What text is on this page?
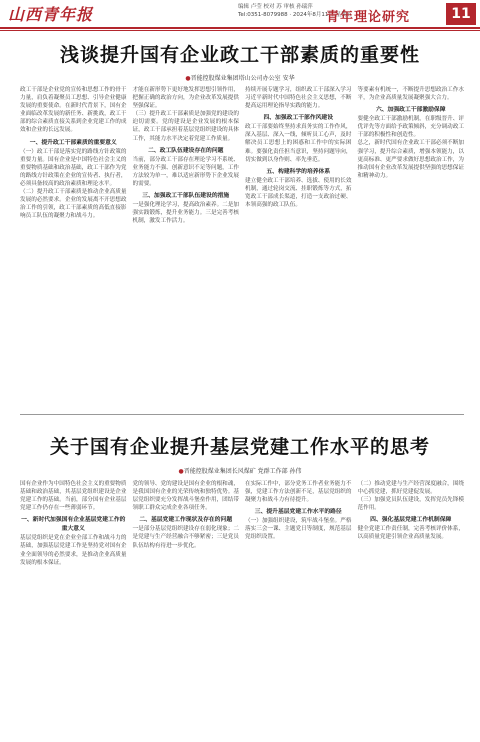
山西青年报	编辑 卢莹 校对 苏 审核 孙瑞萍
Tel:0351-8079988 · 2024年8月11日 星期五
青年理论研究	11
浅谈提升国有企业政工干部素质的重要性
●晋能控股煤业集团塔山公司办公室 安华

政工干部是企业党的宣传和思想工作的骨干力量，肩负着凝聚员工思想、引导企业健康发展的重要使命。在新时代背景下，国有企业面临改革发展的新任务、新挑战，政工干部的综合素质直接关系到企业党建工作的成效和企业的长远发展。

一、提升政工干部素质的重要意义

（一）政工干部是落实党的路线方针政策的重要力量。国有企业是中国特色社会主义的重要物质基础和政治基础，政工干部作为党的路线方针政策在企业的宣传者、执行者，必须具备较高的政治素质和理论水平。

（二）提升政工干部素质是推动企业高质量发展的必然要求。企业的发展离不开思想政治工作的引领，政工干部素质的高低直接影响员工队伍的凝聚力和战斗力。

才能在新形势下更好地发挥思想引领作用，把握正确的政治方向，为企业改革发展提供坚强保证。

（三）提升政工干部素质是加强党的建设的迫切需要。党的建设是企业发展的根本保证，政工干部承担着基层党组织建设的具体工作，其能力水平决定着党建工作质量。

二、政工队伍建设存在的问题

当前，部分政工干部存在理论学习不系统、业务能力不强、创新意识不足等问题，工作方法较为单一，难以适应新形势下企业发展的需要。

三、加强政工干部队伍建设的措施

一是强化理论学习，提高政治素养。二是加强实践锻炼，提升业务能力。三是完善考核机制，激发工作活力。

持续开展专题学习，组织政工干部深入学习习近平新时代中国特色社会主义思想，不断提高运用理论指导实践的能力。

四、加强政工干部作风建设

政工干部要始终坚持求真务实的工作作风，深入基层、深入一线，倾听员工心声，及时解决员工思想上的困惑和工作中的实际困难。要强化责任担当意识，坚持问题导向，切实做到以身作则、率先垂范。

五、构建科学的培养体系

建立健全政工干部培养、选拔、使用的长效机制，通过轮岗交流、挂职锻炼等方式，拓宽政工干部成长渠道，打造一支政治过硬、本领高强的政工队伍。

等要素有机统一，不断提升思想政治工作水平，为企业高质量发展凝聚强大合力。

六、加强政工干部激励保障

要健全政工干部激励机制，在职级晋升、评优评先等方面给予政策倾斜，充分调动政工干部的积极性和创造性。

总之，新时代国有企业政工干部必须不断加强学习，提升综合素质，增强本领能力，以更高标准、更严要求做好思想政治工作，为推动国有企业改革发展提供坚强的思想保证和精神动力。

关于国有企业提升基层党建工作水平的思考
●晋能控股煤业集团长风煤矿 党群工作部 孙伟

国有企业作为中国特色社会主义的重要物质基础和政治基础，其基层党组织建设是企业党建工作的基础。当前，部分国有企业基层党建工作仍存在一些薄弱环节。

一、新时代加强国有企业基层党建工作的重大意义

基层党组织是党在企业全部工作和战斗力的基础，加强基层党建工作是坚持党对国有企业全面领导的必然要求，是推动企业高质量发展的根本保证。

党的领导、党的建设是国有企业的根和魂，是我国国有企业的光荣传统和独特优势。基层党组织要充分发挥战斗堡垒作用，团结带领职工群众完成企业各项任务。

二、基层党建工作现状及存在的问题

一是部分基层党组织建设存在弱化现象；二是党建与生产经营融合不够紧密；三是党员队伍结构有待进一步优化。

在实际工作中，部分党务工作者业务能力不强，党建工作方法创新不足，基层党组织的凝聚力和战斗力有待提升。

三、提升基层党建工作水平的路径

（一）加强组织建设，筑牢战斗堡垒。严格落实三会一课、主题党日等制度，规范基层党组织设置。

（二）推动党建与生产经营深度融合，围绕中心抓党建，抓好党建促发展。

（三）加强党员队伍建设，发挥党员先锋模范作用。

四、强化基层党建工作机制保障

健全党建工作责任制，完善考核评价体系，以高质量党建引领企业高质量发展。
